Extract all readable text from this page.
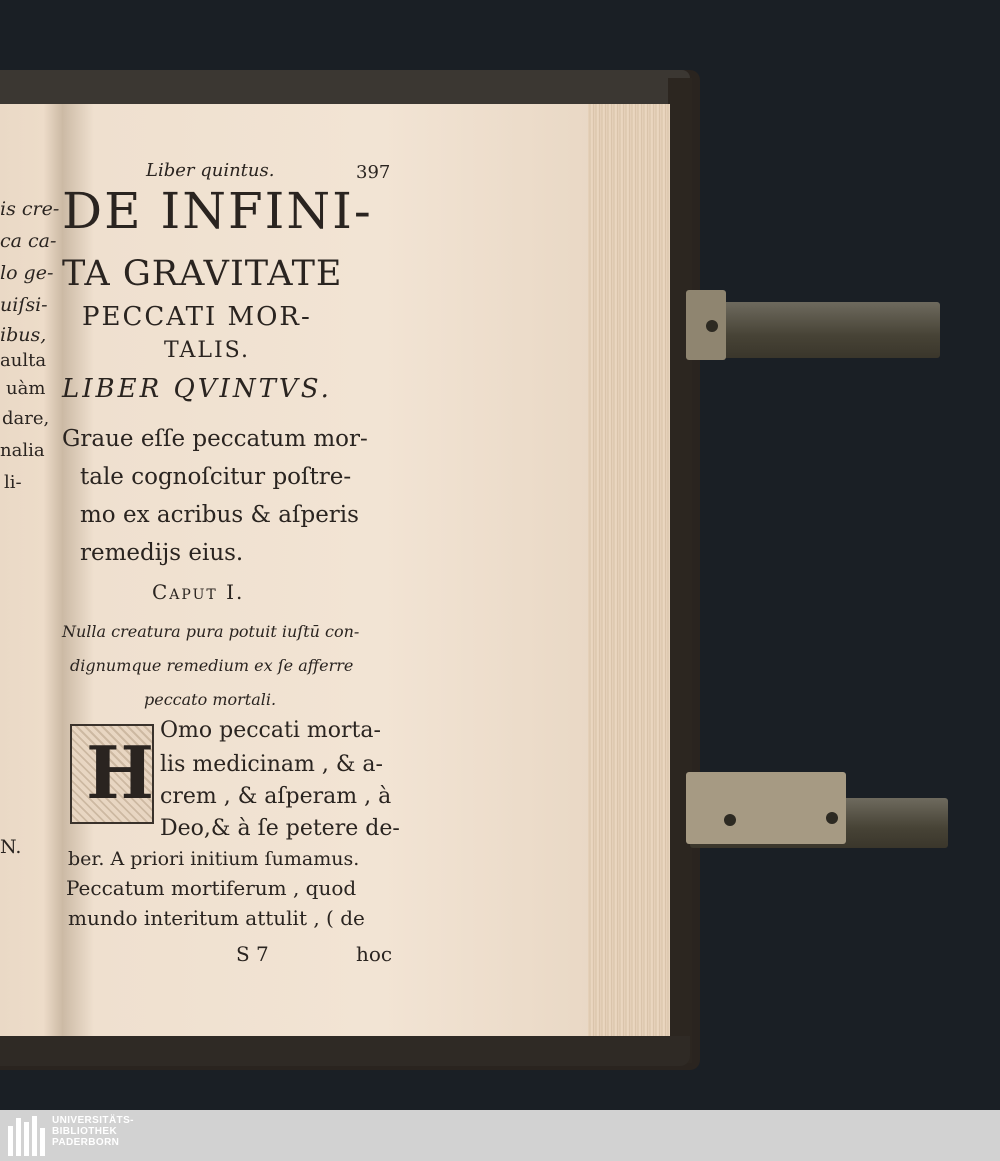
is cre-
ca ca-
lo ge-
uiſsi-
ibus,
aulta
uàm
dare,
nalia
li-
N.
Liber quintus.	397
DE INFINI-
TA GRAVITATE
PECCATI MOR-
TALIS.
LIBER QVINTVS.
Graue eſſe peccatum mor-
tale cognoſcitur poſtre-
mo ex acribus & aſperis
remedijs eius.
Caput I.
Nulla creatura pura potuit iuſtū con-
dignumque remedium ex ſe afferre
peccato mortali.
H Omo peccati morta-
lis medicinam , & a-
crem , & aſperam , à
Deo,& à ſe petere de-
ber. A priori initium ſumamus.
Peccatum mortiferum , quod
mundo interitum attulit , ( de
S 7	hoc
UNIVERSITÄTS-
BIBLIOTHEK
PADERBORN
